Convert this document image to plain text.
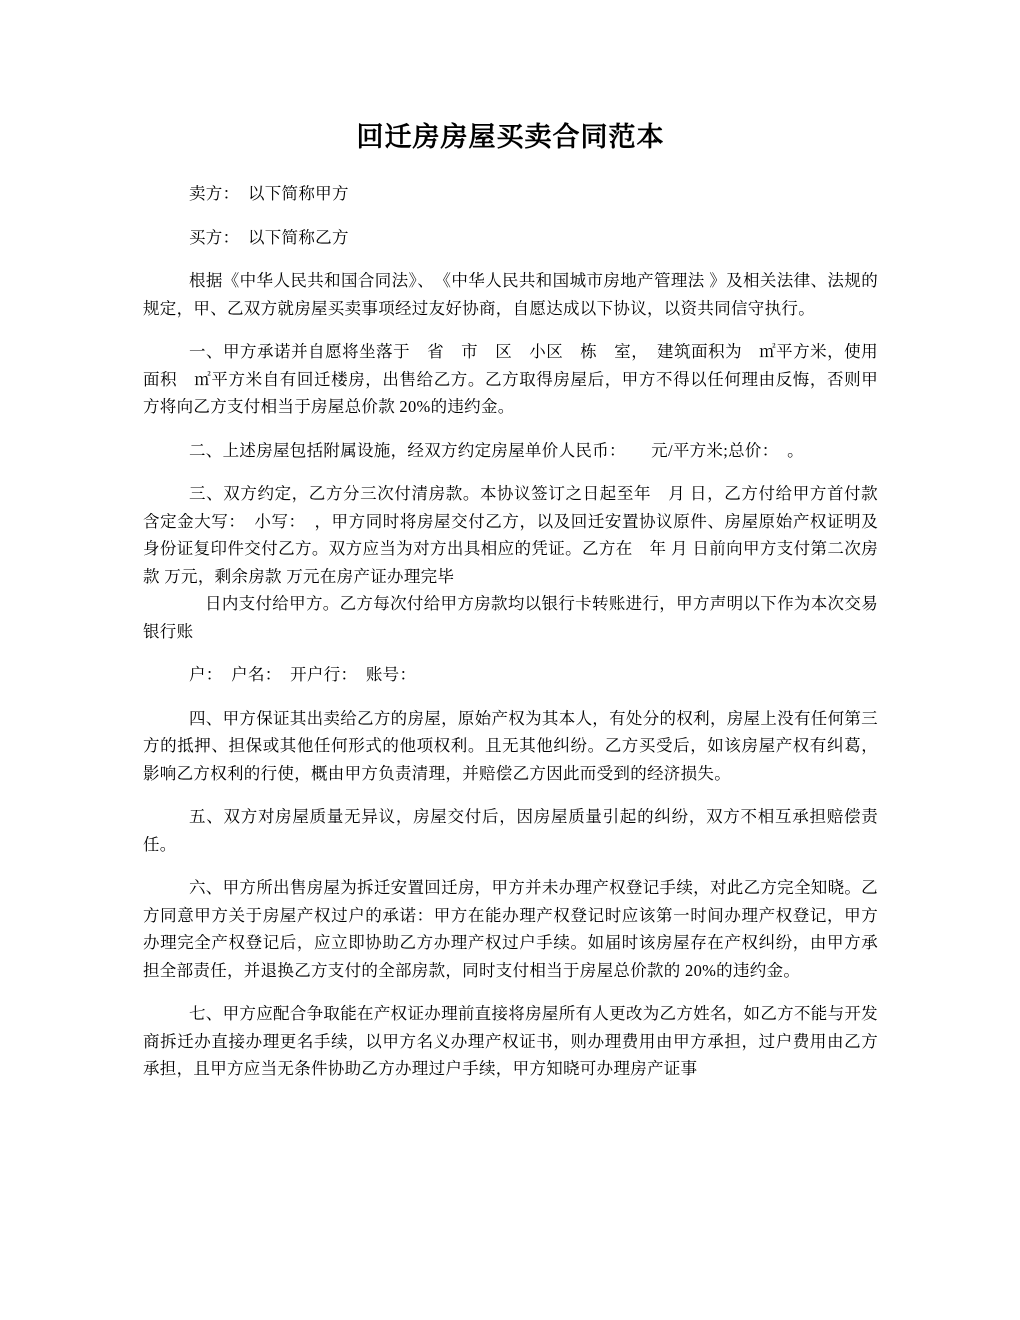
回迁房房屋买卖合同范本

卖方：　以下简称甲方

买方：　以下简称乙方

根据《中华人民共和国合同法》、　《中华人民共和国城市房地产管理法 》及相关法律、法规的规定，甲、乙双方就房屋买卖事项经过友好协商，自愿达成以下协议，以资共同信守执行。

一、甲方承诺并自愿将坐落于　省　市　区　小区　栋　室，　建筑面积为　㎡平方米，使用面积　㎡平方米自有回迁楼房，出售给乙方。乙方取得房屋后，甲方不得以任何理由反悔，否则甲方将向乙方支付相当于房屋总价款 20%的违约金。

二、上述房屋包括附属设施，经双方约定房屋单价人民币：　　元/平方米;总价：　。

三、双方约定，乙方分三次付清房款。本协议签订之日起至年　月 日，乙方付给甲方首付款含定金大写：　小写：　，甲方同时将房屋交付乙方，以及回迁安置协议原件、房屋原始产权证明及身份证复印件交付乙方。双方应当为对方出具相应的凭证。乙方在　年 月 日前向甲方支付第二次房款 万元，剩余房款 万元在房产证办理完毕

日内支付给甲方。乙方每次付给甲方房款均以银行卡转账进行，甲方声明以下作为本次交易银行账

户：　户名：　开户行：　账号：

四、甲方保证其出卖给乙方的房屋，原始产权为其本人，有处分的权利，房屋上没有任何第三方的抵押、担保或其他任何形式的他项权利。且无其他纠纷。乙方买受后，如该房屋产权有纠葛，影响乙方权利的行使，概由甲方负责清理，并赔偿乙方因此而受到的经济损失。

五、双方对房屋质量无异议，房屋交付后，因房屋质量引起的纠纷，双方不相互承担赔偿责任。

六、甲方所出售房屋为拆迁安置回迁房，甲方并未办理产权登记手续，对此乙方完全知晓。乙方同意甲方关于房屋产权过户的承诺：甲方在能办理产权登记时应该第一时间办理产权登记，甲方办理完全产权登记后，应立即协助乙方办理产权过户手续。如届时该房屋存在产权纠纷，由甲方承担全部责任，并退换乙方支付的全部房款，同时支付相当于房屋总价款的 20%的违约金。

七、甲方应配合争取能在产权证办理前直接将房屋所有人更改为乙方姓名，如乙方不能与开发商拆迁办直接办理更名手续，以甲方名义办理产权证书，则办理费用由甲方承担，过户费用由乙方承担，且甲方应当无条件协助乙方办理过户手续，甲方知晓可办理房产证事
